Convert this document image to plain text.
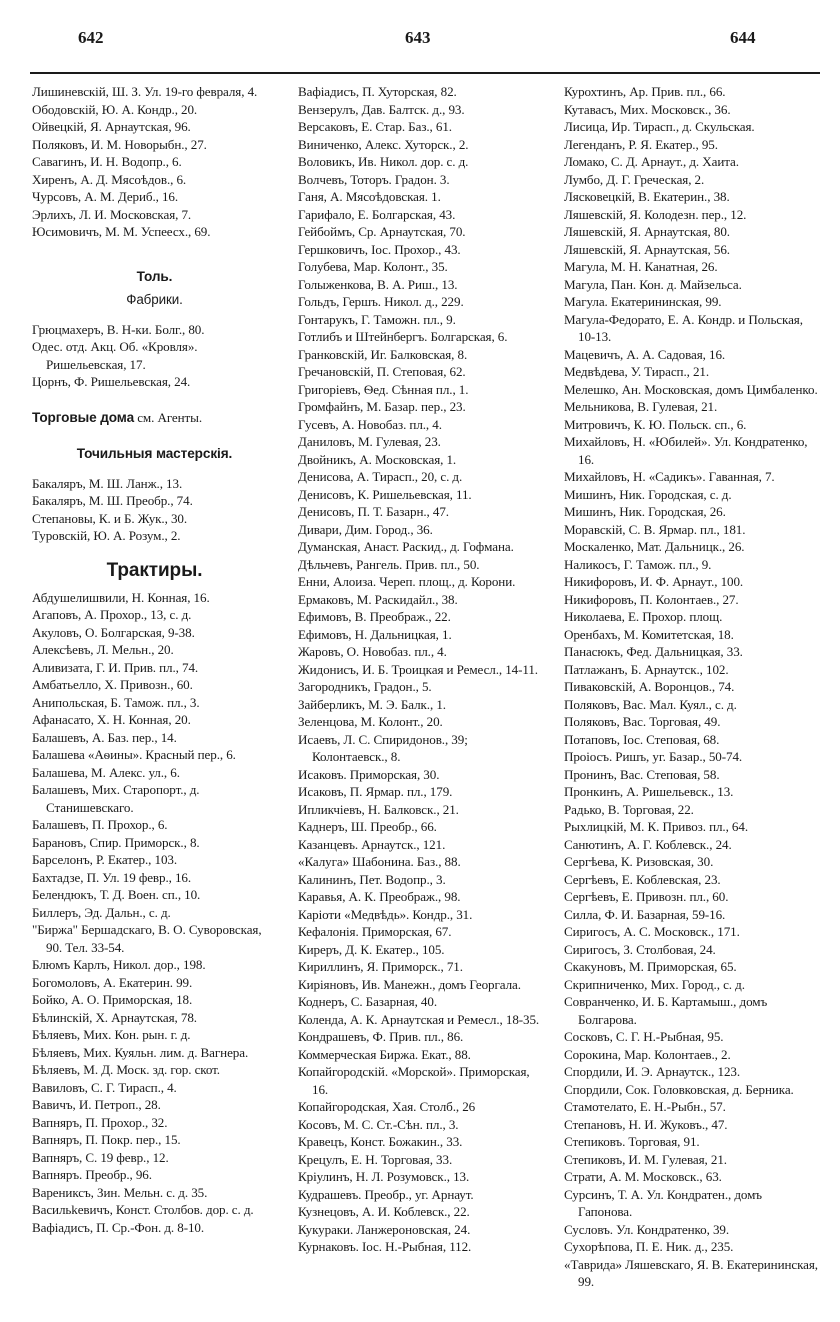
642	643	644
Лишиневскій, Ш. З. Ул. 19-го февраля, 4.
Ободовскій, Ю. А. Кондр., 20.
Ойвецкій, Я. Арнаутская, 96.
Поляковъ, И. М. Новорыбн., 27.
Савагинъ, И. Н. Водопр., 6.
Хиренъ, А. Д. Мясоѣдов., 6.
Чурсовъ, А. М. Дериб., 16.
Эрлихъ, Л. И. Московская, 7.
Юсимовичъ, М. М. Успеесх., 69.
Толь.
Фабрики.
Грюцмахеръ, В. Н-ки. Болг., 80.
Одес. отд. Акц. Об. «Кровля». Ришельевская, 17.
Цорнъ, Ф. Ришельевская, 24.
Торговые дома см. Агенты.
Точильныя мастерскія.
Бакаляръ, М. Ш. Ланж., 13.
Бакаляръ, М. Ш. Преобр., 74.
Степановы, К. и Б. Жук., 30.
Туровскій, Ю. А. Розум., 2.
Трактиры.
Абдушелишвили, Н. Конная, 16.
Агаповъ, А. Прохор., 13, с. д.
Акуловъ, О. Болгарская, 9-38.
Алексѣевъ, Л. Мельн., 20.
Аливизата, Г. И. Прив. пл., 74.
Амбатьелло, Х. Привозн., 60.
Анипольская, Б. Тамож. пл., 3.
Афанасато, Х. Н. Конная, 20.
Балашевъ, А. Баз. пер., 14.
Балашева «Аѳины». Красный пер., 6.
Балашева, М. Алекс. ул., 6.
Балашевъ, Мих. Старопорт., д. Станишевскаго.
Балашевъ, П. Прохор., 6.
Барановъ, Спир. Приморск., 8.
Барселонъ, Р. Екатер., 103.
Бахтадзе, П. Ул. 19 февр., 16.
Белендюкъ, Т. Д. Воен. сп., 10.
Биллеръ, Эд. Дальн., с. д.
"Биржа" Бершадскаго, В. О. Суворовская, 90. Тел. 33-54.
Блюмъ Карлъ, Никол. дор., 198.
Богомоловъ, А. Екатерин. 99.
Бойко, А. О. Приморская, 18.
Бѣлинскій, Х. Арнаутская, 78.
Бѣляевъ, Мих. Кон. рын. г. д.
Бѣляевъ, Мих. Куяльн. лим. д. Вагнера.
Бѣляевъ, М. Д. Моск. зд. гор. скот.
Вавиловъ, С. Г. Тирасп., 4.
Вавичъ, И. Петроп., 28.
Вапняръ, П. Прохор., 32.
Вапняръ, П. Покр. пер., 15.
Вапняръ, С. 19 февр., 12.
Вапняръ. Преобр., 96.
Варениксъ, Зин. Мельн. с. д. 35.
Васильkевичъ, Конст. Столбов. дор. с. д.
Вафіадисъ, П. Ср.-Фон. д. 8-10.
Вафіадисъ, П. Хуторская, 82.
Вензерулъ, Дав. Балтск. д., 93.
Версаковъ, Е. Стар. Баз., 61.
Виниченко, Алекс. Хуторск., 2.
Воловикъ, Ив. Никол. дор. с. д.
Волчевъ, Тоторъ. Градон. 3.
Ганя, А. Мясоѣдовская. 1.
Гарифало, Е. Болгарская, 43.
Гейбоймъ, Ср. Арнаутская, 70.
Гершковичъ, Іос. Прохор., 43.
Голубева, Мар. Колонт., 35.
Голыженкова, В. А. Риш., 13.
Гольдъ, Гершъ. Никол. д., 229.
Гонтарукъ, Г. Таможн. пл., 9.
Готлибъ и Штейнбергъ. Болгарская, 6.
Гранковскій, Иг. Балковская, 8.
Гречановскій, П. Степовая, 62.
Григорiевъ, Ѳед. Сѣнная пл., 1.
Громфайнъ, М. Базар. пер., 23.
Гусевъ, А. Новобаз. пл., 4.
Даниловъ, М. Гулевая, 23.
Двойникъ, А. Московская, 1.
Денисова, А. Тирасп., 20, с. д.
Денисовъ, К. Ришельевская, 11.
Денисовъ, П. Т. Базарн., 47.
Дивари, Дим. Город., 36.
Думанская, Анаст. Раскид., д. Гофмана.
Дѣльчевъ, Рангель. Прив. пл., 50.
Енни, Алоиза. Череп. площ., д. Корони.
Ермаковъ, М. Раскидайл., 38.
Ефимовъ, В. Преображ., 22.
Ефимовъ, Н. Дальницкая, 1.
Жаровъ, О. Новобаз. пл., 4.
Жидонисъ, И. Б. Троицкая и Ремесл., 14-11.
Загородникъ, Градон., 5.
Зайберликъ, М. Э. Балк., 1.
Зеленцова, М. Колонт., 20.
Исаевъ, Л. С. Спиридонов., 39; Колонтаевск., 8.
Исаковъ. Приморская, 30.
Исаковъ, П. Ярмар. пл., 179.
Ипликчіевъ, Н. Балковск., 21.
Каднеръ, Ш. Преобр., 66.
Казанцевъ. Арнаутск., 121.
«Калуга» Шабонина. Баз., 88.
Калининъ, Пет. Водопр., 3.
Каравья, А. К. Преображ., 98.
Каріоти «Медвѣдь». Кондр., 31.
Кефалонія. Приморская, 67.
Киреръ, Д. К. Екатер., 105.
Кириллинъ, Я. Приморск., 71.
Киріяновъ, Ив. Манежн., домъ Георгала.
Коднеръ, С. Базарная, 40.
Коленда, А. К. Арнаутская и Ремесл., 18-35.
Кондрашевъ, Ф. Прив. пл., 86.
Коммерческая Биржа. Екат., 88.
Копайгородскій. «Морской». Приморская, 16.
Копайгородская, Хая. Столб., 26
Косовъ, М. С. Ст.-Сѣн. пл., 3.
Кравецъ, Конст. Божакин., 33.
Крецулъ, Е. Н. Торговая, 33.
Кріулинъ, Н. Л. Розумовск., 13.
Кудрашевъ. Преобр., уг. Арнаут.
Кузнецовъ, А. И. Коблевск., 22.
Кукураки. Ланжероновская, 24.
Курнаковъ. Іос. Н.-Рыбная, 112.
Курохтинъ, Ар. Прив. пл., 66.
Кутавасъ, Мих. Московск., 36.
Лисица, Ир. Тирасп., д. Скульская.
Легенданъ, Р. Я. Екатер., 95.
Ломако, С. Д. Арнаут., д. Хаита.
Лумбо, Д. Г. Греческая, 2.
Лясковецкій, В. Екатерин., 38.
Ляшевскій, Я. Колодезн. пер., 12.
Ляшевскій, Я. Арнаутская, 80.
Ляшевскій, Я. Арнаутская, 56.
Магула, М. Н. Канатная, 26.
Магула, Пан. Кон. д. Майзельса.
Магула. Екатерининская, 99.
Магула-Федорато, Е. А. Кондр. и Польская, 10-13.
Мацевичъ, А. А. Садовая, 16.
Медвѣдева, У. Тирасп., 21.
Мелешко, Ан. Московская, домъ Цимбаленко.
Мельникова, В. Гулевая, 21.
Митровичъ, К. Ю. Польск. сп., 6.
Михайловъ, Н. «Юбилей». Ул. Кондратенко, 16.
Михайловъ, Н. «Садикъ». Гаванная, 7.
Мишинъ, Ник. Городская, с. д.
Мишинъ, Ник. Городская, 26.
Моравскій, С. В. Ярмар. пл., 181.
Москаленко, Мат. Дальницк., 26.
Наликосъ, Г. Тамож. пл., 9.
Никифоровъ, И. Ф. Арнаут., 100.
Никифоровъ, П. Колонтаев., 27.
Николаева, Е. Прохор. площ.
Оренбахъ, М. Комитетская, 18.
Панасюкъ, Фед. Дальницкая, 33.
Патлажанъ, Б. Арнаутск., 102.
Пиваковскій, А. Воронцов., 74.
Поляковъ, Вас. Мал. Куял., с. д.
Поляковъ, Вас. Торговая, 49.
Потаповъ, Іос. Степовая, 68.
Проіосъ. Ришъ, уг. Базар., 50-74.
Пронинъ, Вас. Степовая, 58.
Пронкинъ, А. Ришельевск., 13.
Радько, В. Торговая, 22.
Рыхлицкій, М. К. Привоз. пл., 64.
Санютинъ, А. Г. Коблевск., 24.
Сергѣева, К. Ризовская, 30.
Сергѣевъ, Е. Коблевская, 23.
Сергѣевъ, Е. Привозн. пл., 60.
Силла, Ф. И. Базарная, 59-16.
Сиригосъ, А. С. Московск., 171.
Сиригосъ, З. Столбовая, 24.
Скакуновъ, М. Приморская, 65.
Скрипниченко, Мих. Город., с. д.
Совранченко, И. Б. Картамыш., домъ Болгарова.
Сосковъ, С. Г. Н.-Рыбная, 95.
Сорокина, Мар. Колонтаев., 2.
Спордили, И. Э. Арнаутск., 123.
Спордили, Сок. Головковская, д. Берника.
Стамотелато, Е. Н.-Рыбн., 57.
Степановъ, Н. И. Жуковъ., 47.
Степиковъ. Торговая, 91.
Степиковъ, И. М. Гулевая, 21.
Страти, А. М. Московск., 63.
Сурсинъ, Т. А. Ул. Кондратен., домъ Гапонова.
Сусловъ. Ул. Кондратенко, 39.
Сухорѣпова, П. Е. Ник. д., 235.
«Таврида» Ляшевскаго, Я. В. Екатерининская, 99.
